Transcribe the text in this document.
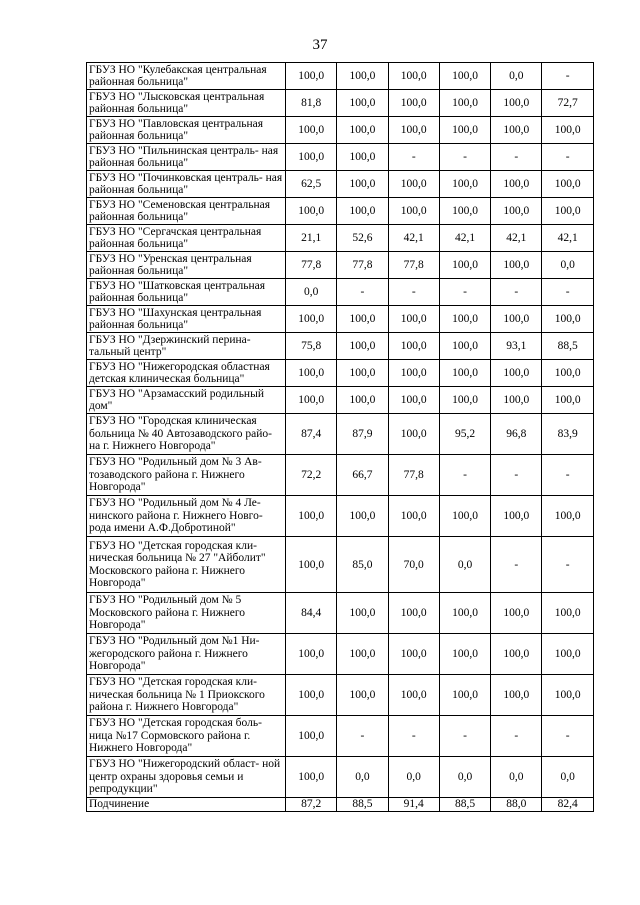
37
ГБУЗ НО "Кулебакская центральная районная больница"	100,0	100,0	100,0	100,0	0,0	-
ГБУЗ НО "Лысковская центральная районная больница"	81,8	100,0	100,0	100,0	100,0	72,7
ГБУЗ НО "Павловская центральная районная больница"	100,0	100,0	100,0	100,0	100,0	100,0
ГБУЗ НО "Пильнинская централь- ная районная больница"	100,0	100,0	-	-	-	-
ГБУЗ НО "Починковская централь- ная районная больница"	62,5	100,0	100,0	100,0	100,0	100,0
ГБУЗ НО "Семеновская центральная районная больница"	100,0	100,0	100,0	100,0	100,0	100,0
ГБУЗ НО "Сергачская центральная районная больница"	21,1	52,6	42,1	42,1	42,1	42,1
ГБУЗ НО "Уренская центральная районная больница"	77,8	77,8	77,8	100,0	100,0	0,0
ГБУЗ НО "Шатковская центральная районная больница"	0,0	-	-	-	-	-
ГБУЗ НО "Шахунская центральная районная больница"	100,0	100,0	100,0	100,0	100,0	100,0
ГБУЗ НО "Дзержинский перина- тальный центр"	75,8	100,0	100,0	100,0	93,1	88,5
ГБУЗ НО "Нижегородская областная детская клиническая больница"	100,0	100,0	100,0	100,0	100,0	100,0
ГБУЗ НО "Арзамасский родильный дом"	100,0	100,0	100,0	100,0	100,0	100,0
ГБУЗ НО "Городская клиническая больница № 40 Автозаводского райо- на г. Нижнего Новгорода"	87,4	87,9	100,0	95,2	96,8	83,9
ГБУЗ НО "Родильный дом № 3 Ав- тозаводского района г. Нижнего Новгорода"	72,2	66,7	77,8	-	-	-
ГБУЗ НО "Родильный дом № 4 Ле- нинского района г. Нижнего Новго- рода имени А.Ф.Добротиной"	100,0	100,0	100,0	100,0	100,0	100,0
ГБУЗ НО "Детская городская кли- ническая больница № 27 "Айболит" Московского района г. Нижнего Новгорода"	100,0	85,0	70,0	0,0	-	-
ГБУЗ НО "Родильный дом № 5 Московского района г. Нижнего Новгорода"	84,4	100,0	100,0	100,0	100,0	100,0
ГБУЗ НО "Родильный дом №1 Ни- жегородского района г. Нижнего Новгорода"	100,0	100,0	100,0	100,0	100,0	100,0
ГБУЗ НО "Детская городская кли- ническая больница № 1 Приокского района г. Нижнего Новгорода"	100,0	100,0	100,0	100,0	100,0	100,0
ГБУЗ НО "Детская городская боль- ница №17 Сормовского района г. Нижнего Новгорода"	100,0	-	-	-	-	-
ГБУЗ НО "Нижегородский област- ной центр охраны здоровья семьи и репродукции"	100,0	0,0	0,0	0,0	0,0	0,0
Подчинение	87,2	88,5	91,4	88,5	88,0	82,4
